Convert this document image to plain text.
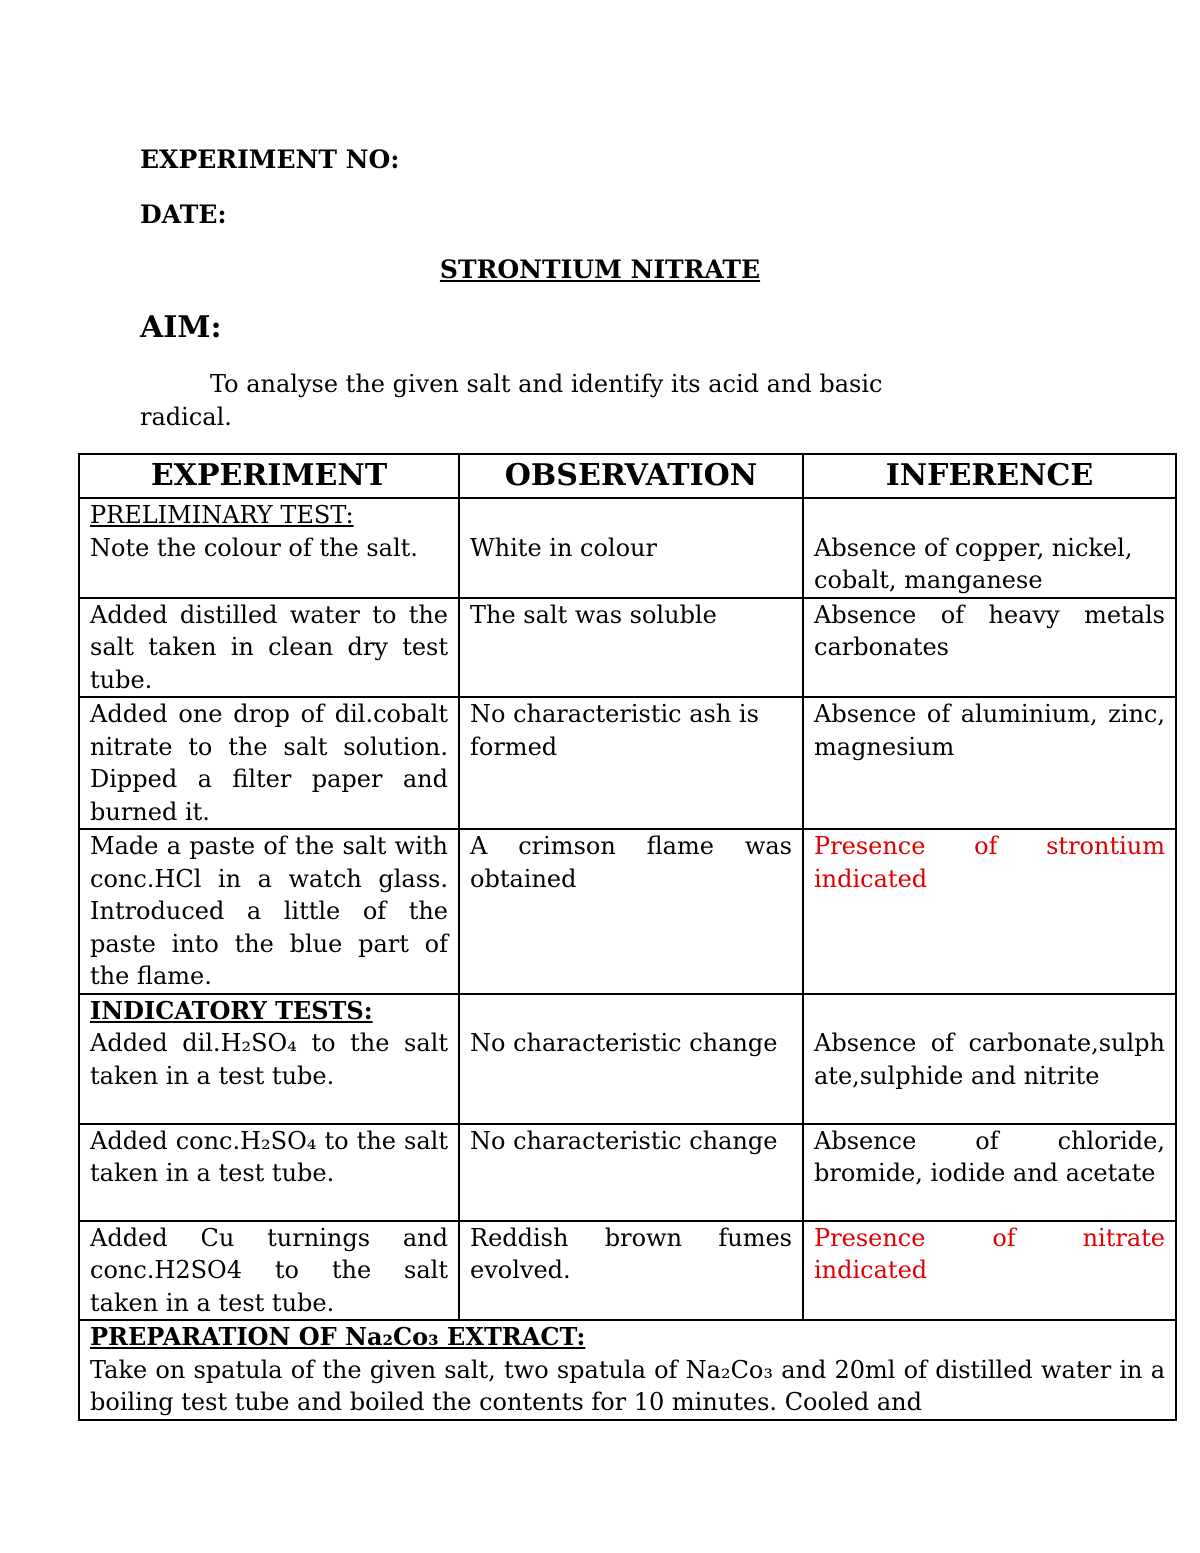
EXPERIMENT NO:
DATE:
STRONTIUM NITRATE
AIM:
To analyse the given salt and identify its acid and basic radical.
EXPERIMENT	OBSERVATION	INFERENCE

PRELIMINARY TEST:
Note the colour of the salt.	White in colour	Absence of copper, nickel, cobalt, manganese

Added distilled water to the salt taken in clean dry test tube.	The salt was soluble	Absence of heavy metals carbonates
Added one drop of dil.cobalt nitrate to the salt solution. Dipped a filter paper and burned it.	No characteristic ash is formed	Absence of aluminium, zinc, magnesium
Made a paste of the salt with conc.HCl in a watch glass. Introduced a little of the paste into the blue part of the flame.	A crimson flame was obtained	Presence of strontium indicated

INDICATORY TESTS:
Added dil.H₂SO₄ to the salt taken in a test tube.	No characteristic change	Absence of carbonate,sulphate,sulphide and nitrite

Added conc.H₂SO₄ to the salt taken in a test tube.	No characteristic change	Absence of chloride, bromide, iodide and acetate
Added Cu turnings and conc.H2SO4 to the salt taken in a test tube.	Reddish brown fumes evolved.	Presence of nitrate indicated

PREPARATION OF Na₂Co₃ EXTRACT:
Take on spatula of the given salt, two spatula of Na₂Co₃ and 20ml of distilled water in a boiling test tube and boiled the contents for 10 minutes. Cooled and		
